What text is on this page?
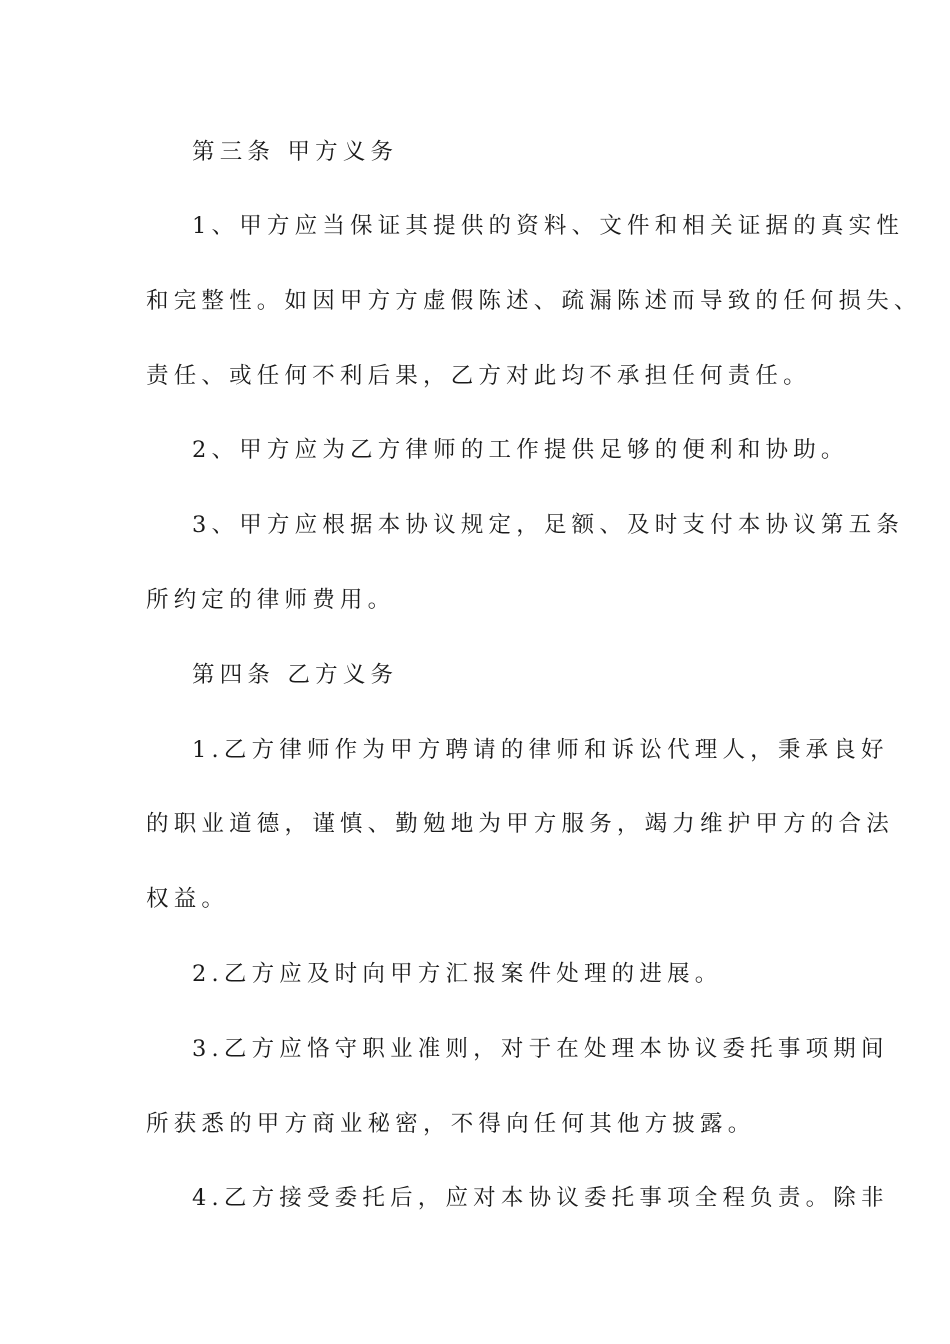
第三条 甲方义务
1、甲方应当保证其提供的资料、文件和相关证据的真实性
和完整性。如因甲方方虚假陈述、疏漏陈述而导致的任何损失、
责任、或任何不利后果，乙方对此均不承担任何责任。
2、甲方应为乙方律师的工作提供足够的便利和协助。
3、甲方应根据本协议规定，足额、及时支付本协议第五条
所约定的律师费用。
第四条 乙方义务
1.乙方律师作为甲方聘请的律师和诉讼代理人，秉承良好
的职业道德，谨慎、勤勉地为甲方服务，竭力维护甲方的合法
权益。
2.乙方应及时向甲方汇报案件处理的进展。
3.乙方应恪守职业准则，对于在处理本协议委托事项期间
所获悉的甲方商业秘密，不得向任何其他方披露。
4.乙方接受委托后，应对本协议委托事项全程负责。除非
